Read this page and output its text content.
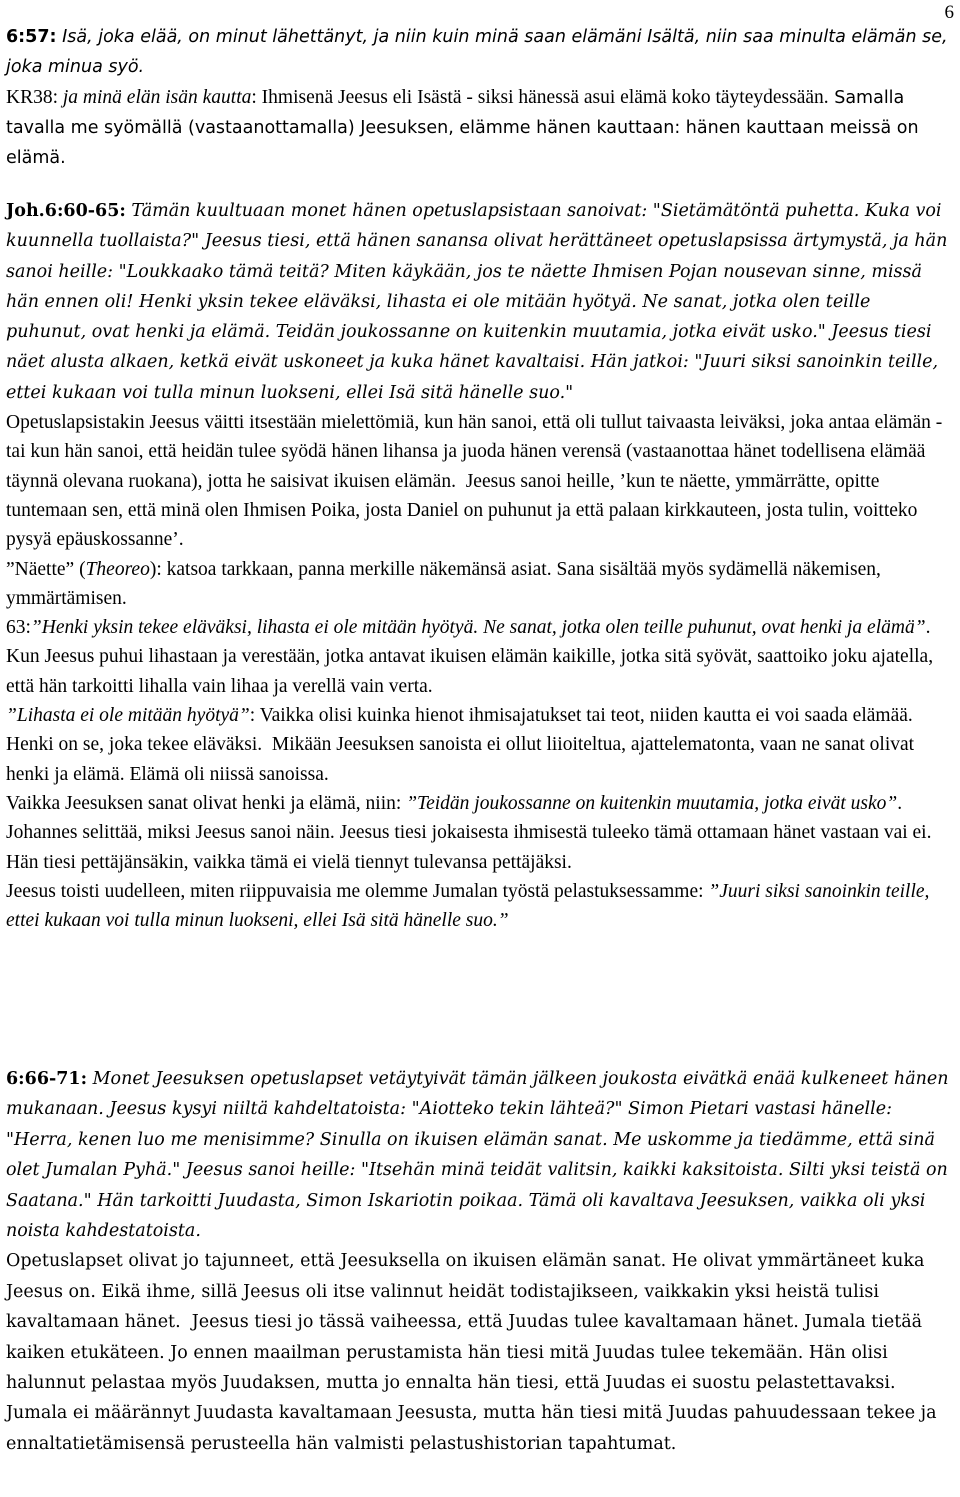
6

6:57: Isä, joka elää, on minut lähettänyt, ja niin kuin minä saan elämäni Isältä, niin saa minulta elämän se, joka minua syö.
KR38: ja minä elän isän kautta: Ihmisenä Jeesus eli Isästä - siksi hänessä asui elämä koko täyteydessään. Samalla tavalla me syömällä (vastaanottamalla) Jeesuksen, elämme hänen kauttaan: hänen kauttaan meissä on elämä.

Joh.6:60-65: Tämän kuultuaan monet hänen opetuslapsistaan sanoivat: "Sietämätöntä puhetta. Kuka voi kuunnella tuollaista?" Jeesus tiesi, että hänen sanansa olivat herättäneet opetuslapsissa ärtymystä, ja hän sanoi heille: "Loukkaako tämä teitä? Miten käykään, jos te näette Ihmisen Pojan nousevan sinne, missä hän ennen oli! Henki yksin tekee eläväksi, lihasta ei ole mitään hyötyä. Ne sanat, jotka olen teille puhunut, ovat henki ja elämä. Teidän joukossanne on kuitenkin muutamia, jotka eivät usko." Jeesus tiesi näet alusta alkaen, ketkä eivät uskoneet ja kuka hänet kavaltaisi. Hän jatkoi: "Juuri siksi sanoinkin teille, ettei kukaan voi tulla minun luokseni, ellei Isä sitä hänelle suo."
Opetuslapsistakin Jeesus väitti itsestään mielettömiä, kun hän sanoi, että oli tullut taivaasta leiväksi, joka antaa elämän -  tai kun hän sanoi, että heidän tulee syödä hänen lihansa ja juoda hänen verensä (vastaanottaa hänet todellisena elämää täynnä olevana ruokana), jotta he saisivat ikuisen elämän.  Jeesus sanoi heille, ’kun te näette, ymmärrätte, opitte tuntemaan sen, että minä olen Ihmisen Poika, josta Daniel on puhunut ja että palaan kirkkauteen, josta tulin, voitteko pysyä epäuskossanne’.
”Näette” (Theoreo): katsoa tarkkaan, panna merkille näkemänsä asiat. Sana sisältää myös sydämellä näkemisen, ymmärtämisen.
63:”Henki yksin tekee eläväksi, lihasta ei ole mitään hyötyä. Ne sanat, jotka olen teille puhunut, ovat henki ja elämä”.  Kun Jeesus puhui lihastaan ja verestään, jotka antavat ikuisen elämän kaikille, jotka sitä syövät, saattoiko joku ajatella, että hän tarkoitti lihalla vain lihaa ja verellä vain verta.
”Lihasta ei ole mitään hyötyä”: Vaikka olisi kuinka hienot ihmisajatukset tai teot, niiden kautta ei voi saada elämää. Henki on se, joka tekee eläväksi.  Mikään Jeesuksen sanoista ei ollut liioiteltua, ajattelematonta, vaan ne sanat olivat henki ja elämä. Elämä oli niissä sanoissa.
Vaikka Jeesuksen sanat olivat henki ja elämä, niin: ”Teidän joukossanne on kuitenkin muutamia, jotka eivät usko”. Johannes selittää, miksi Jeesus sanoi näin. Jeesus tiesi jokaisesta ihmisestä tuleeko tämä ottamaan hänet vastaan vai ei. Hän tiesi pettäjänsäkin, vaikka tämä ei vielä tiennyt tulevansa pettäjäksi.
Jeesus toisti uudelleen, miten riippuvaisia me olemme Jumalan työstä pelastuksessamme: ”Juuri siksi sanoinkin teille, ettei kukaan voi tulla minun luokseni, ellei Isä sitä hänelle suo.”

6:66-71: Monet Jeesuksen opetuslapset vetäytyivät tämän jälkeen joukosta eivätkä enää kulkeneet hänen mukanaan. Jeesus kysyi niiltä kahdeltatoista: "Aiotteko tekin lähteä?" Simon Pietari vastasi hänelle: "Herra, kenen luo me menisimme? Sinulla on ikuisen elämän sanat. Me uskomme ja tiedämme, että sinä olet Jumalan Pyhä." Jeesus sanoi heille: "Itsehän minä teidät valitsin, kaikki kaksitoista. Silti yksi teistä on Saatana." Hän tarkoitti Juudasta, Simon Iskariotin poikaa. Tämä oli kavaltava Jeesuksen, vaikka oli yksi noista kahdestatoista.
Opetuslapset olivat jo tajunneet, että Jeesuksella on ikuisen elämän sanat. He olivat ymmärtäneet kuka Jeesus on. Eikä ihme, sillä Jeesus oli itse valinnut heidät todistajikseen, vaikkakin yksi heistä tulisi kavaltamaan hänet.  Jeesus tiesi jo tässä vaiheessa, että Juudas tulee kavaltamaan hänet. Jumala tietää kaiken etukäteen. Jo ennen maailman perustamista hän tiesi mitä Juudas tulee tekemään. Hän olisi halunnut pelastaa myös Juudaksen, mutta jo ennalta hän tiesi, että Juudas ei suostu pelastettavaksi. Jumala ei määrännyt Juudasta kavaltamaan Jeesusta, mutta hän tiesi mitä Juudas pahuudessaan tekee ja ennaltatietämisensä perusteella hän valmisti pelastushistorian tapahtumat.
